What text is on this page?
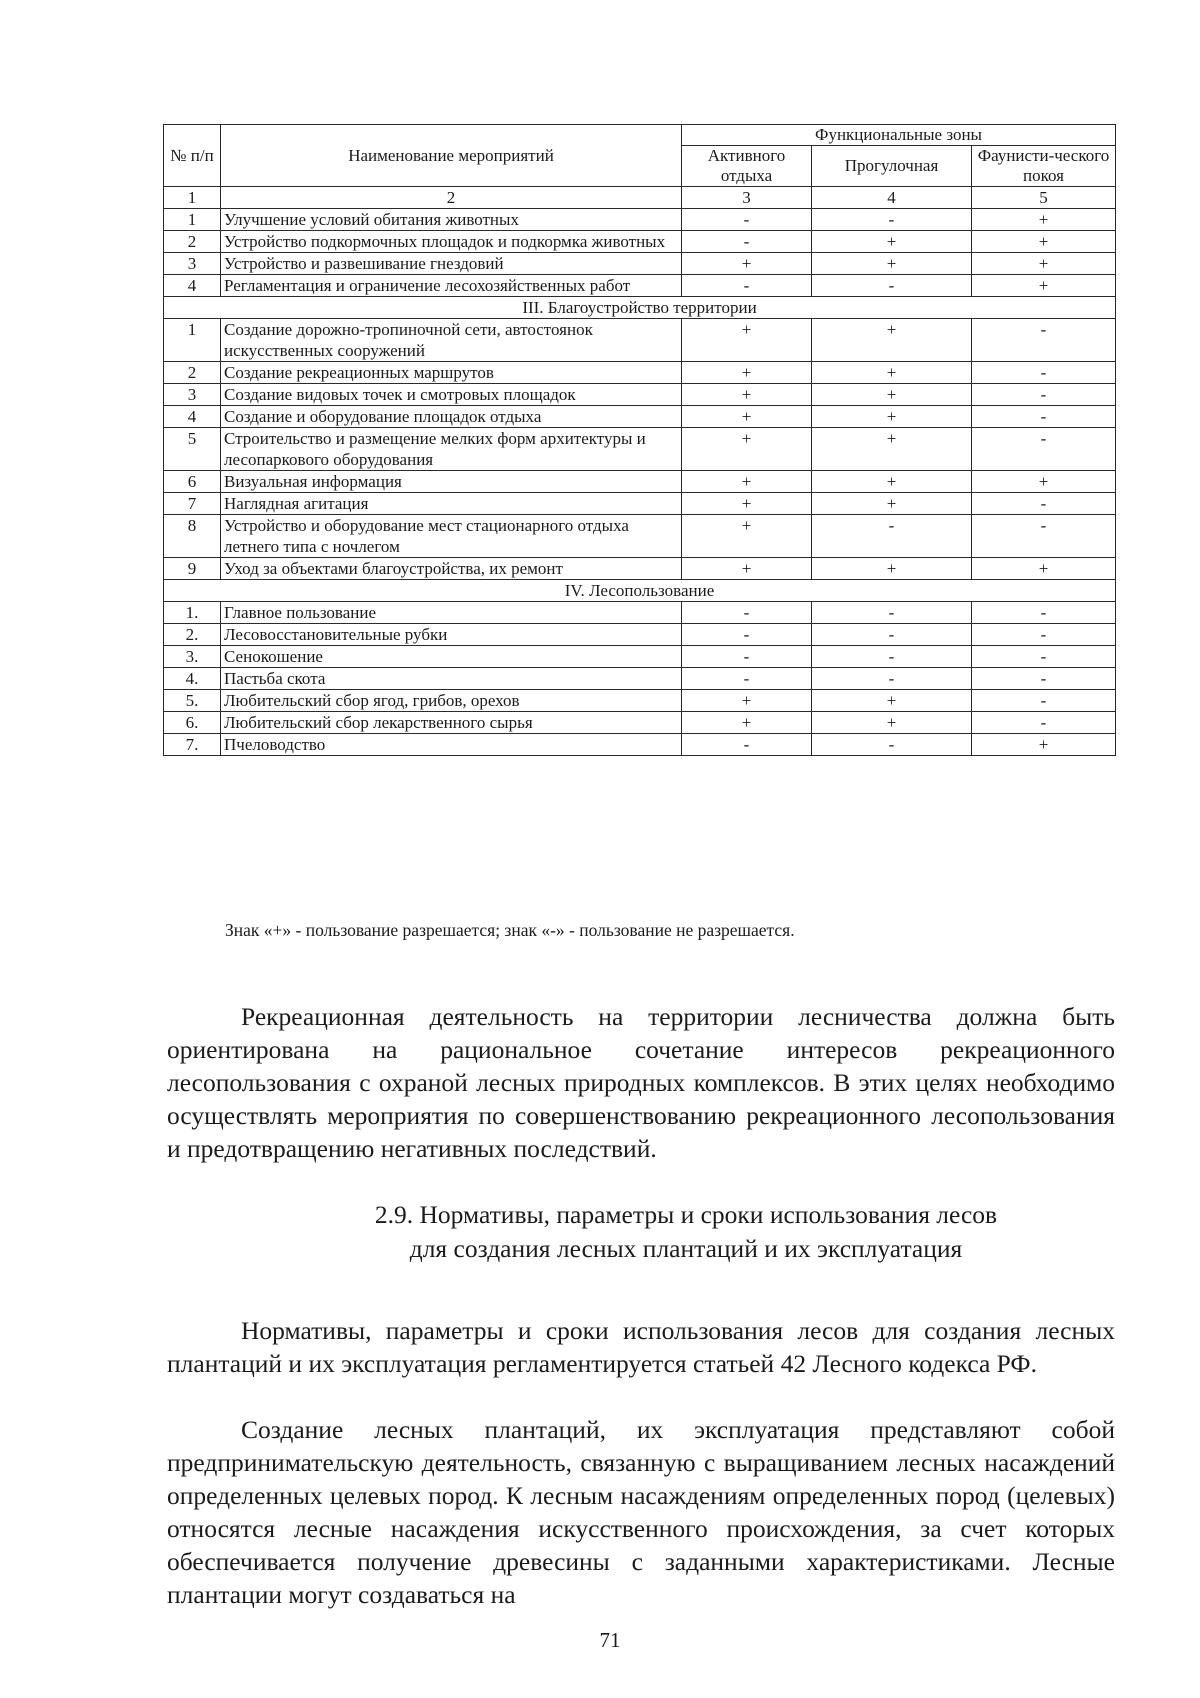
№ п/п	Наименование мероприятий	Функциональные зоны		
		Активного отдыха	Прогулочная	Фаунисти-ческого покоя
1	2	3	4	5
1	Улучшение условий обитания животных	-	-	+
2	Устройство подкормочных площадок и подкормка животных	-	+	+
3	Устройство и развешивание гнездовий	+	+	+
4	Регламентация и ограничение лесохозяйственных работ	-	-	+
III. Благоустройство территории				
1	Создание дорожно-тропиночной сети, автостоянок искусственных сооружений	+	+	-
2	Создание рекреационных маршрутов	+	+	-
3	Создание видовых точек и смотровых площадок	+	+	-
4	Создание и оборудование площадок отдыха	+	+	-
5	Строительство и размещение мелких форм архитектуры и лесопаркового оборудования	+	+	-
6	Визуальная информация	+	+	+
7	Наглядная агитация	+	+	-
8	Устройство и оборудование мест стационарного отдыха летнего типа с ночлегом	+	-	-
9	Уход за объектами благоустройства, их ремонт	+	+	+
IV. Лесопользование				
1.	Главное пользование	-	-	-
2.	Лесовосстановительные рубки	-	-	-
3.	Сенокошение	-	-	-
4.	Пастьба скота	-	-	-
5.	Любительский сбор ягод, грибов, орехов	+	+	-
6.	Любительский сбор лекарственного сырья	+	+	-
7.	Пчеловодство	-	-	+
Знак «+» - пользование разрешается; знак «-» - пользование не разрешается.

Рекреационная деятельность на территории лесничества должна быть ориентирована на рациональное сочетание интересов рекреационного лесопользования с охраной лесных природных комплексов. В этих целях необходимо осуществлять мероприятия по совершенствованию рекреационного лесопользования и предотвращению негативных последствий.

2.9. Нормативы, параметры и сроки использования лесов
для создания лесных плантаций и их эксплуатация

Нормативы, параметры и сроки использования лесов для создания лесных плантаций и их эксплуатация регламентируется статьей 42 Лесного кодекса РФ.

Создание лесных плантаций, их эксплуатация представляют собой предпринимательскую деятельность, связанную с выращиванием лесных насаждений определенных целевых пород. К лесным насаждениям определенных пород (целевых) относятся лесные насаждения искусственного происхождения, за счет которых обеспечивается получение древесины с заданными характеристиками. Лесные плантации могут создаваться на

71
